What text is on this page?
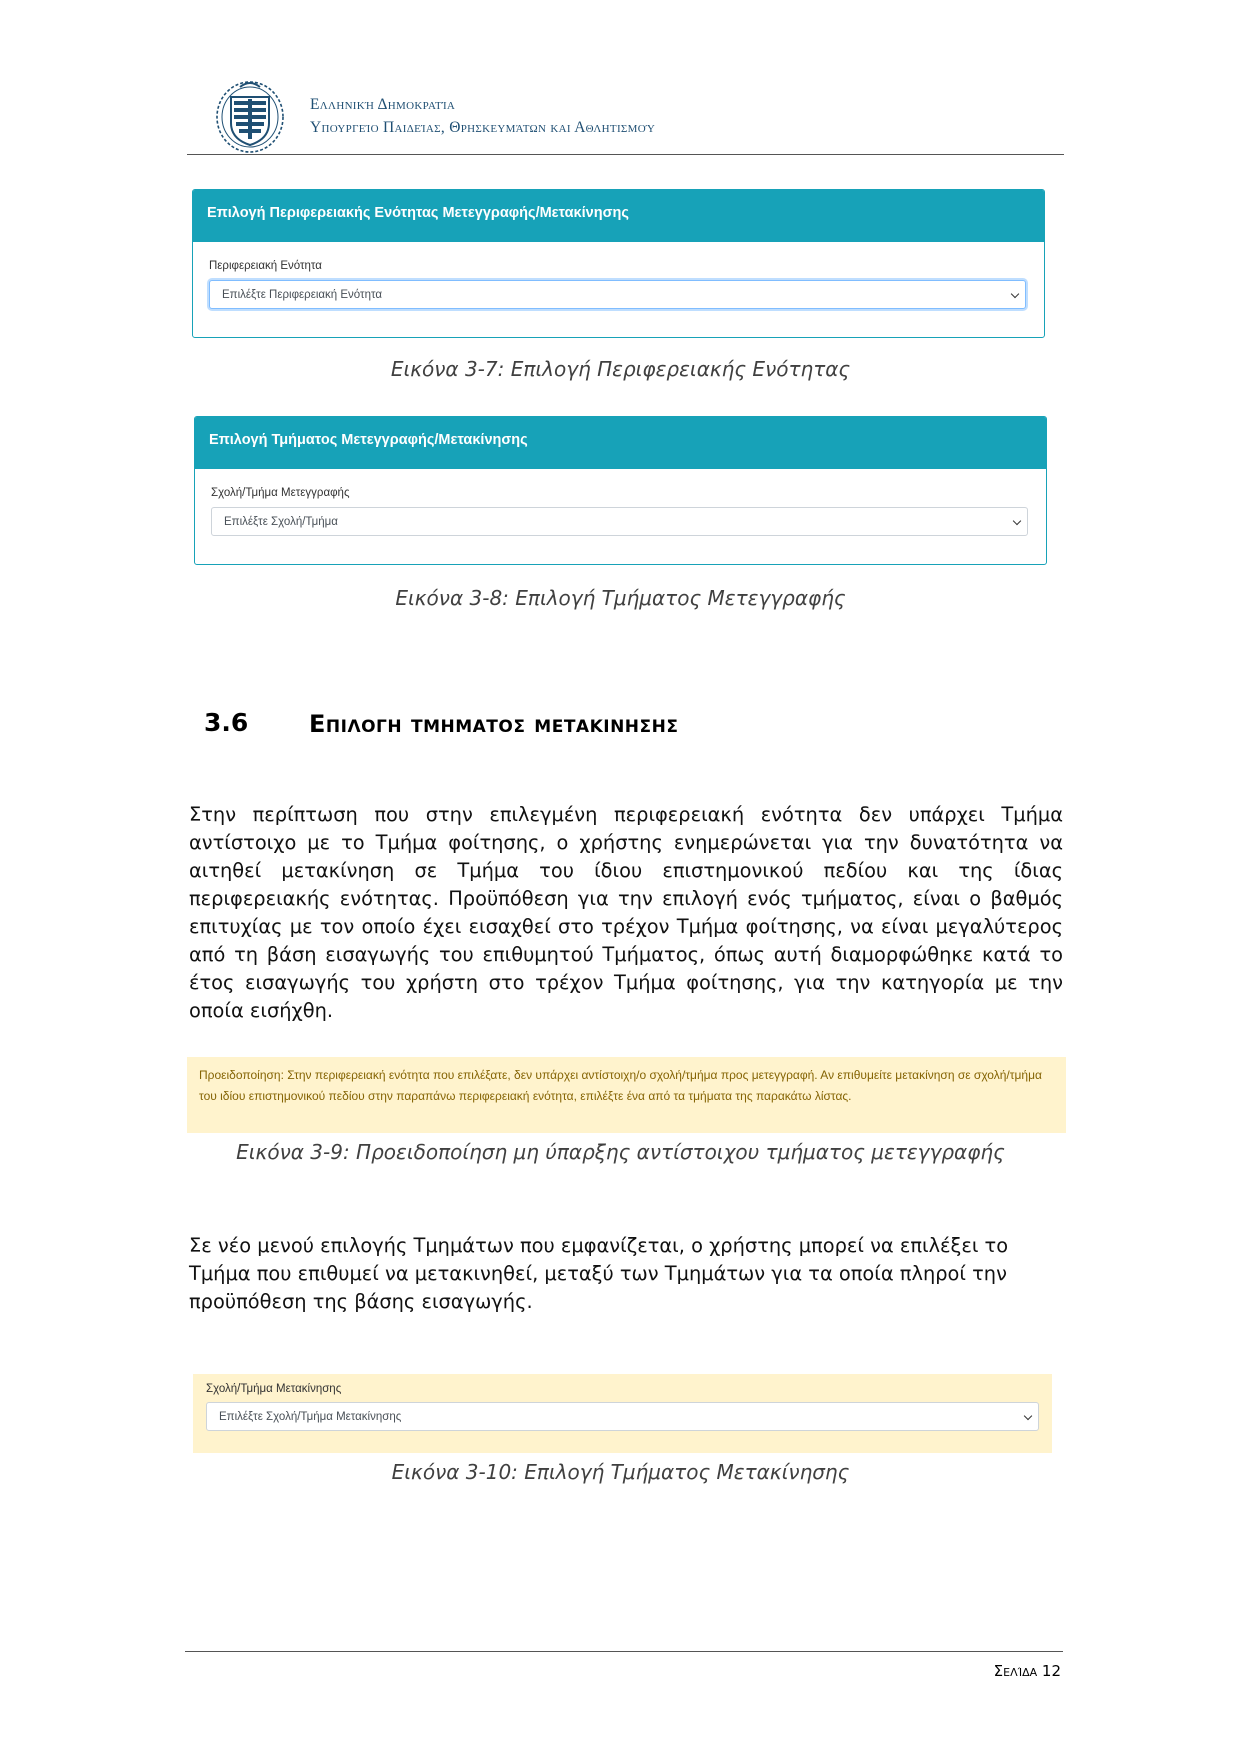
Ελληνική Δημοκρατία
Υπουργείο Παιδείας, Θρησκευμάτων και Αθλητισμού
Επιλογή Περιφερειακής Ενότητας Μετεγγραφής/Μετακίνησης
Περιφερειακή Ενότητα
Επιλέξτε Περιφερειακή Ενότητα
Εικόνα 3-7: Επιλογή Περιφερειακής Ενότητας
Επιλογή Τμήματος Μετεγγραφής/Μετακίνησης
Σχολή/Τμήμα Μετεγγραφής
Επιλέξτε Σχολή/Τμήμα
Εικόνα 3-8: Επιλογή Τμήματος Μετεγγραφής
3.6	Επιλογη τμηματος μετακινησης
Στην περίπτωση που στην επιλεγμένη περιφερειακή ενότητα δεν υπάρχει Τμήμα αντίστοιχο με το Τμήμα φοίτησης, ο χρήστης ενημερώνεται για την δυνατότητα να αιτηθεί μετακίνηση σε Τμήμα του ίδιου επιστημονικού πεδίου και της ίδιας περιφερειακής ενότητας. Προϋπόθεση για την επιλογή ενός τμήματος, είναι ο βαθμός επιτυχίας με τον οποίο έχει εισαχθεί στο τρέχον Τμήμα φοίτησης, να είναι μεγαλύτερος από τη βάση εισαγωγής του επιθυμητού Τμήματος, όπως αυτή διαμορφώθηκε κατά το έτος εισαγωγής του χρήστη στο τρέχον Τμήμα φοίτησης, για την κατηγορία με την οποία εισήχθη.
Προειδοποίηση: Στην περιφερειακή ενότητα που επιλέξατε, δεν υπάρχει αντίστοιχη/ο σχολή/τμήμα προς μετεγγραφή. Αν επιθυμείτε μετακίνηση σε σχολή/τμήμα του ιδίου επιστημονικού πεδίου στην παραπάνω περιφερειακή ενότητα, επιλέξτε ένα από τα τμήματα της παρακάτω λίστας.
Εικόνα 3-9: Προειδοποίηση μη ύπαρξης αντίστοιχου τμήματος μετεγγραφής
Σε νέο μενού επιλογής Τμημάτων που εμφανίζεται, ο χρήστης μπορεί να επιλέξει το Τμήμα που επιθυμεί να μετακινηθεί, μεταξύ των Τμημάτων για τα οποία πληροί την προϋπόθεση της βάσης εισαγωγής.
Σχολή/Τμήμα Μετακίνησης
Επιλέξτε Σχολή/Τμήμα Μετακίνησης
Εικόνα 3-10: Επιλογή Τμήματος Μετακίνησης
Σελίδα 12
